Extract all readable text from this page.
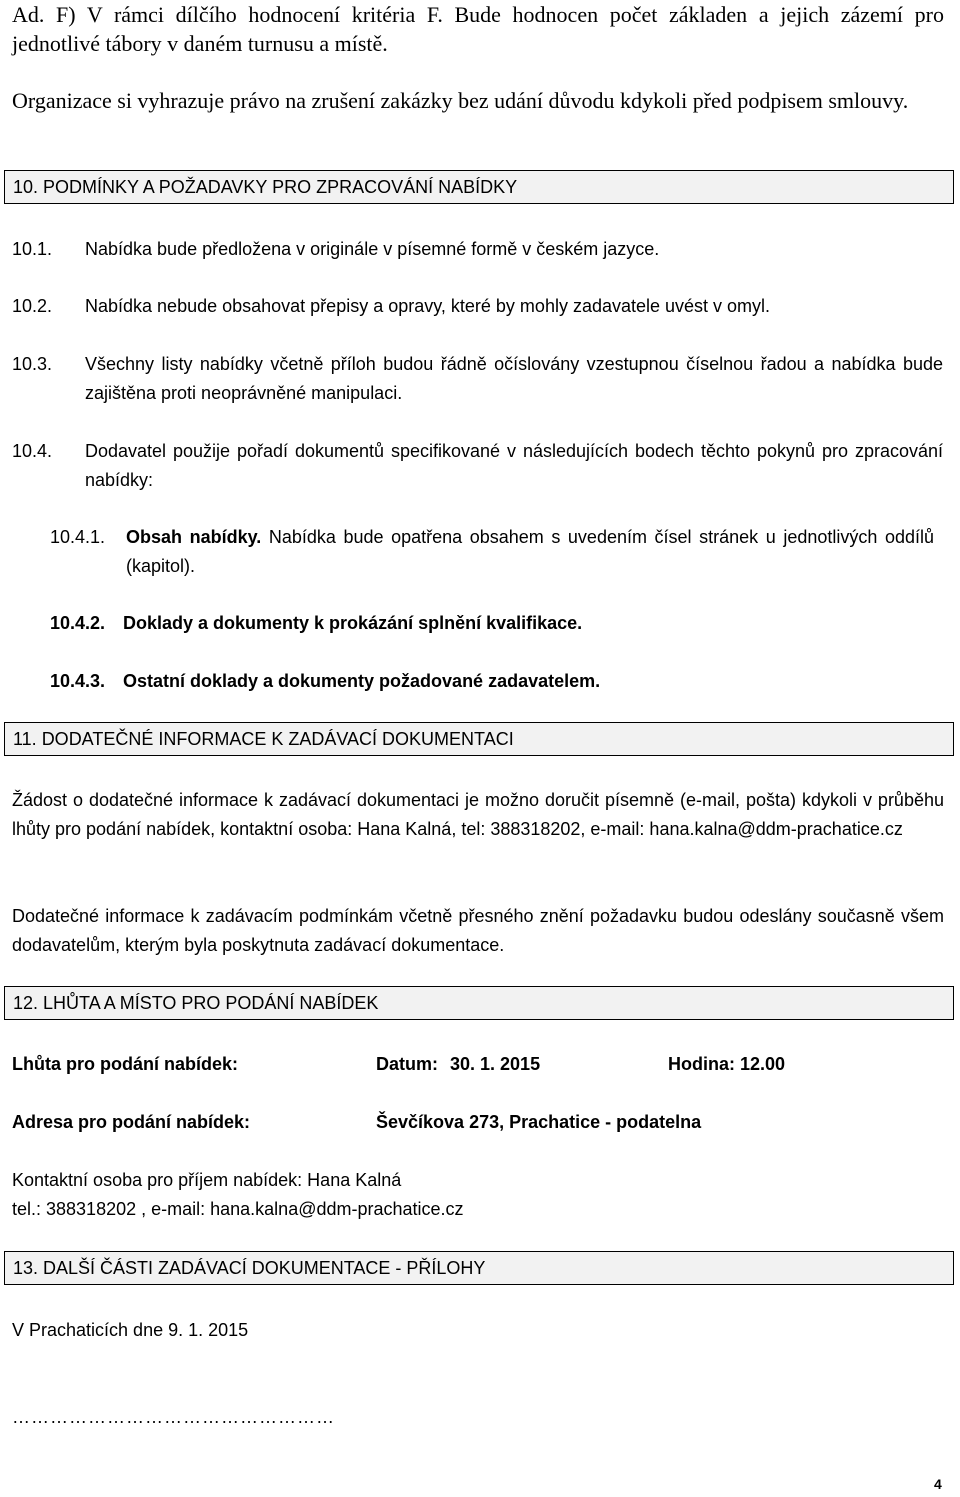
Ad. F) V rámci dílčího hodnocení kritéria F. Bude hodnocen počet základen a jejich zázemí pro jednotlivé tábory v daném turnusu a místě.
Organizace si vyhrazuje právo na zrušení zakázky bez udání důvodu kdykoli před podpisem smlouvy.
10. PODMÍNKY A POŽADAVKY PRO ZPRACOVÁNÍ NABÍDKY
10.1. Nabídka bude předložena v originále v písemné formě v českém jazyce.
10.2. Nabídka nebude obsahovat přepisy a opravy, které by mohly zadavatele uvést v omyl.
10.3. Všechny listy nabídky včetně příloh budou řádně očíslovány vzestupnou číselnou řadou a nabídka bude zajištěna proti neoprávněné manipulaci.
10.4. Dodavatel použije pořadí dokumentů specifikované v následujících bodech těchto pokynů pro zpracování nabídky:
10.4.1. Obsah nabídky. Nabídka bude opatřena obsahem s uvedením čísel stránek u jednotlivých oddílů (kapitol).
10.4.2. Doklady a dokumenty k prokázání splnění kvalifikace.
10.4.3. Ostatní doklady a dokumenty požadované zadavatelem.
11. DODATEČNÉ INFORMACE K ZADÁVACÍ DOKUMENTACI
Žádost o dodatečné informace k zadávací dokumentaci je možno doručit písemně (e-mail, pošta) kdykoli v průběhu lhůty pro podání nabídek, kontaktní osoba: Hana Kalná, tel: 388318202, e-mail: hana.kalna@ddm-prachatice.cz
Dodatečné informace k zadávacím podmínkám včetně přesného znění požadavku budou odeslány současně všem dodavatelům, kterým byla poskytnuta zadávací dokumentace.
12. LHŮTA A MÍSTO PRO PODÁNÍ NABÍDEK
Lhůta pro podání nabídek:	Datum: 30. 1. 2015	Hodina: 12.00
Adresa pro podání nabídek:	Ševčíkova 273, Prachatice - podatelna
Kontaktní osoba pro příjem nabídek: Hana Kalná
tel.: 388318202 , e-mail: hana.kalna@ddm-prachatice.cz
13. DALŠÍ ČÁSTI ZADÁVACÍ DOKUMENTACE - PŘÍLOHY
V Prachaticích dne 9. 1. 2015
……………………………………………
4
